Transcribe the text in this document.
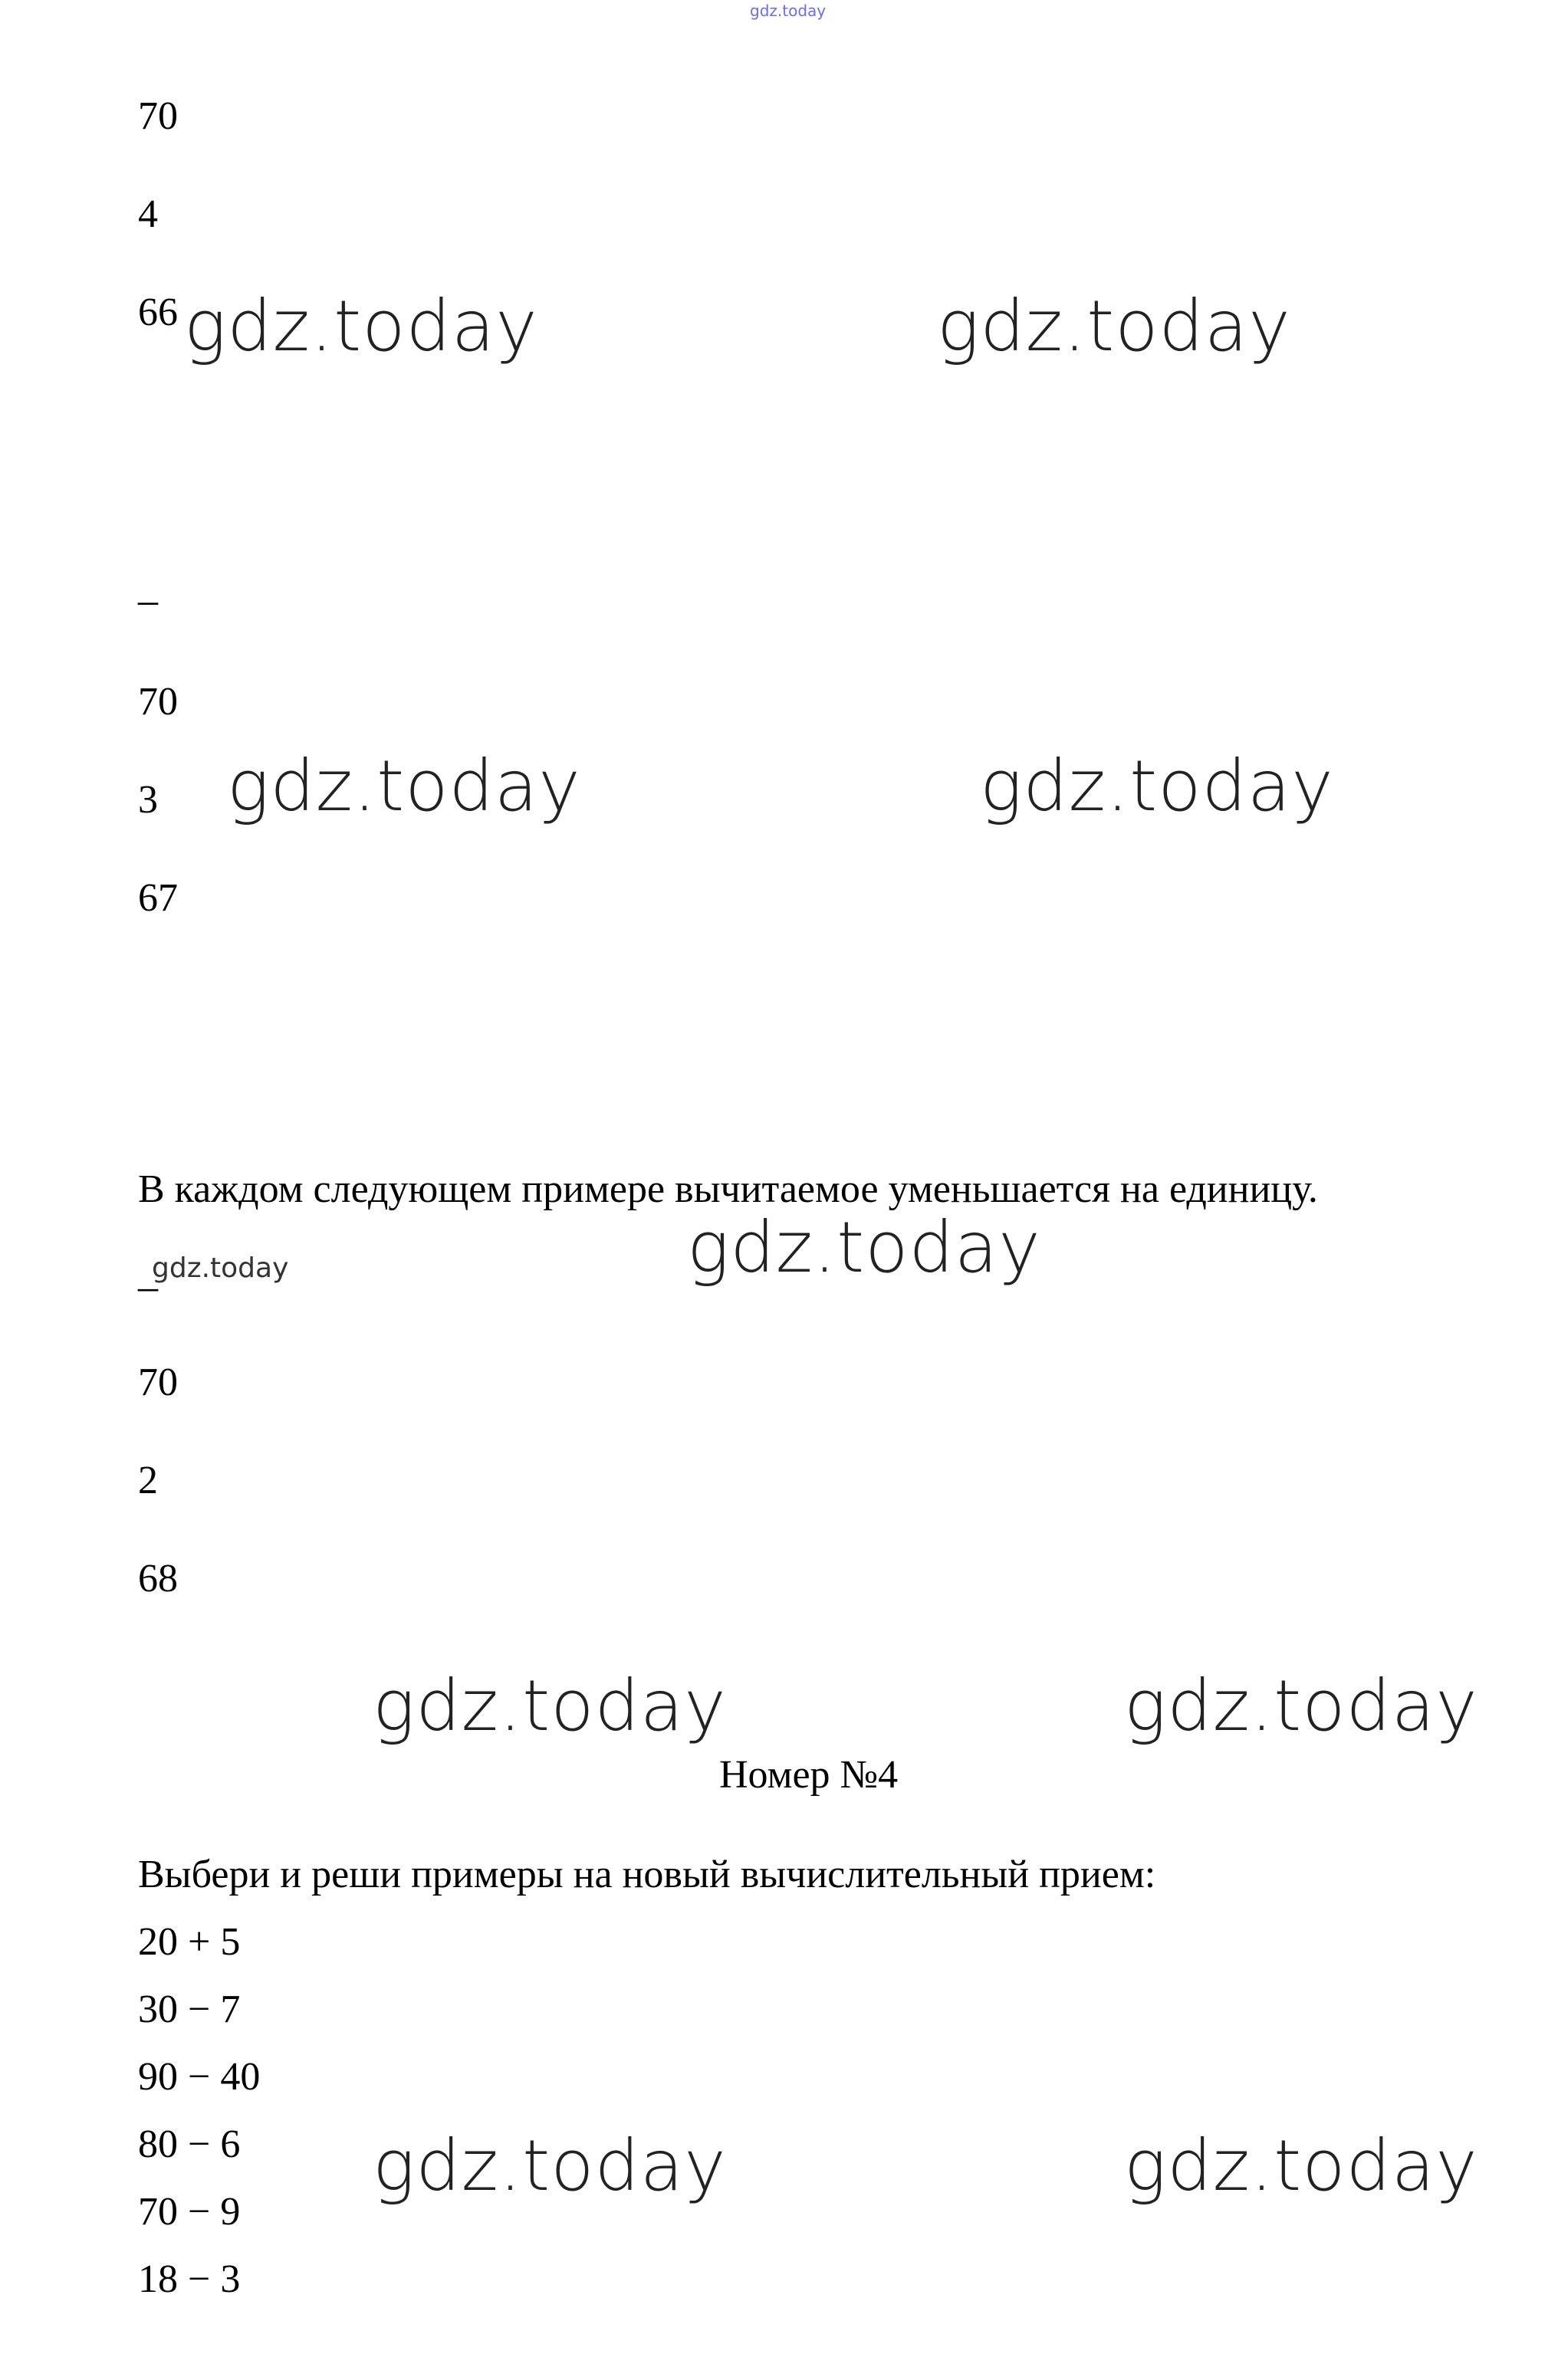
gdz.today
70
4
66 gdz.today	gdz.today
–
70
3
67
gdz.today	gdz.today
В каждом следующем примере вычитаемое уменьшается на единицу.
gdz.today
_
gdz.today
70
2
68
gdz.today	gdz.today
Номер №4
Выбери и реши примеры на новый вычислительный прием:
20 + 5
30 − 7
90 − 40
80 − 6
70 − 9
18 − 3
gdz.today	gdz.today
